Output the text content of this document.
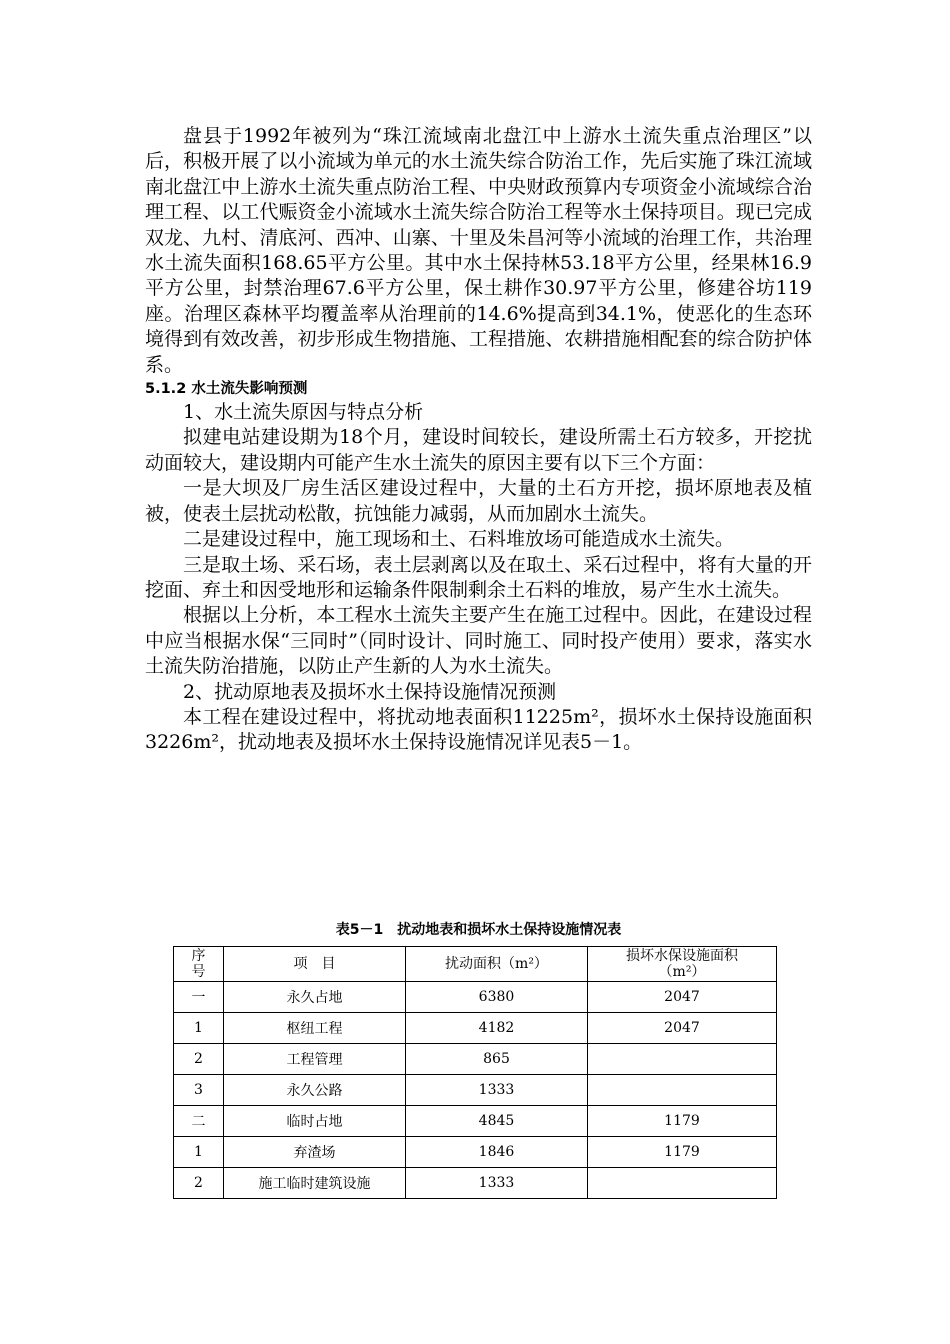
盘县于1992年被列为“珠江流域南北盘江中上游水土流失重点治理区”以后，积极开展了以小流域为单元的水土流失综合防治工作，先后实施了珠江流域南北盘江中上游水土流失重点防治工程、中央财政预算内专项资金小流域综合治理工程、以工代赈资金小流域水土流失综合防治工程等水土保持项目。现已完成双龙、九村、清底河、西冲、山寨、十里及朱昌河等小流域的治理工作，共治理水土流失面积168.65平方公里。其中水土保持林53.18平方公里，经果林16.9平方公里，封禁治理67.6平方公里，保土耕作30.97平方公里，修建谷坊119座。治理区森林平均覆盖率从治理前的14.6%提高到34.1%，使恶化的生态环境得到有效改善，初步形成生物措施、工程措施、农耕措施相配套的综合防护体系。

5.1.2 水土流失影响预测

1、水土流失原因与特点分析

拟建电站建设期为18个月，建设时间较长，建设所需土石方较多，开挖扰动面较大，建设期内可能产生水土流失的原因主要有以下三个方面：

一是大坝及厂房生活区建设过程中，大量的土石方开挖，损坏原地表及植被，使表土层扰动松散，抗蚀能力减弱，从而加剧水土流失。

二是建设过程中，施工现场和土、石料堆放场可能造成水土流失。

三是取土场、采石场，表土层剥离以及在取土、采石过程中，将有大量的开挖面、弃土和因受地形和运输条件限制剩余土石料的堆放，易产生水土流失。

根据以上分析，本工程水土流失主要产生在施工过程中。因此，在建设过程中应当根据水保“三同时”（同时设计、同时施工、同时投产使用）要求，落实水土流失防治措施，以防止产生新的人为水土流失。

2、扰动原地表及损坏水土保持设施情况预测

本工程在建设过程中，将扰动地表面积11225m²，损坏水土保持设施面积3226m²，扰动地表及损坏水土保持设施情况详见表5－1。

表5－1　扰动地表和损坏水土保持设施情况表
序号	项　目	扰动面积（m²）	损坏水保设施面积
（m²）

一	永久占地	6380	2047
1	枢纽工程	4182	2047
2	工程管理	865	
3	永久公路	1333	
二	临时占地	4845	1179
1	弃渣场	1846	1179
2	施工临时建筑设施	1333	
